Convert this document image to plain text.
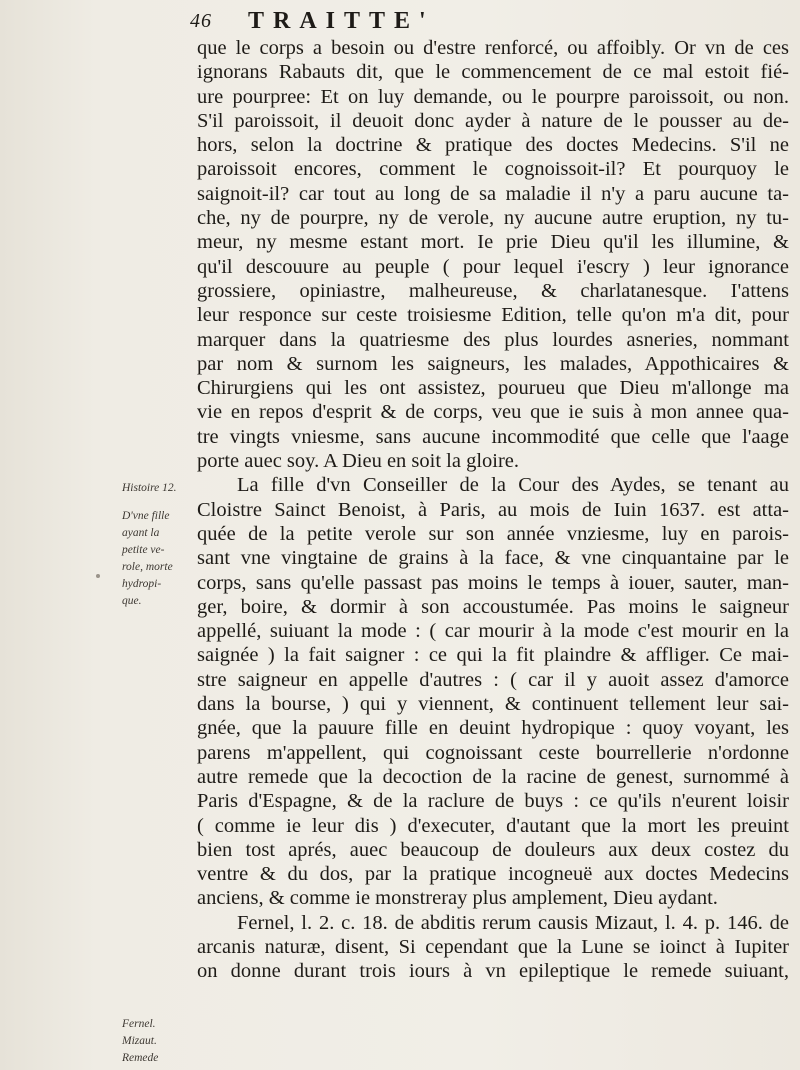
46 TRAITTE'
Histoire 12.
D'vne fille
ayant la
petite ve-
role, morte
hydropi-
que.
Fernel.
Mizaut.
Remede
que le corps a besoin ou d'estre renforcé, ou affoibly. Or vn de ces
ignorans Rabauts dit, que le commencement de ce mal estoit fié-
ure pourpree: Et on luy demande, ou le pourpre paroissoit, ou non.
S'il paroissoit, il deuoit donc ayder à nature de le pousser au de-
hors, selon la doctrine & pratique des doctes Medecins. S'il ne
paroissoit encores, comment le cognoissoit-il? Et pourquoy le
saignoit-il? car tout au long de sa maladie il n'y a paru aucune ta-
che, ny de pourpre, ny de verole, ny aucune autre eruption, ny tu-
meur, ny mesme estant mort. Ie prie Dieu qu'il les illumine, &
qu'il descouure au peuple ( pour lequel i'escry ) leur ignorance
grossiere, opiniastre, malheureuse, & charlatanesque. I'attens
leur responce sur ceste troisiesme Edition, telle qu'on m'a dit, pour
marquer dans la quatriesme des plus lourdes asneries, nommant
par nom & surnom les saigneurs, les malades, Appothicaires &
Chirurgiens qui les ont assistez, pourueu que Dieu m'allonge ma
vie en repos d'esprit & de corps, veu que ie suis à mon annee qua-
tre vingts vniesme, sans aucune incommodité que celle que l'aage
porte auec soy. A Dieu en soit la gloire.
La fille d'vn Conseiller de la Cour des Aydes, se tenant au
Cloistre Sainct Benoist, à Paris, au mois de Iuin 1637. est atta-
quée de la petite verole sur son année vnziesme, luy en parois-
sant vne vingtaine de grains à la face, & vne cinquantaine par le
corps, sans qu'elle passast pas moins le temps à iouer, sauter, man-
ger, boire, & dormir à son accoustumée. Pas moins le saigneur
appellé, suiuant la mode : ( car mourir à la mode c'est mourir en la
saignée ) la fait saigner : ce qui la fit plaindre & affliger. Ce mai-
stre saigneur en appelle d'autres : ( car il y auoit assez d'amorce
dans la bourse, ) qui y viennent, & continuent tellement leur sai-
gnée, que la pauure fille en deuint hydropique : quoy voyant, les
parens m'appellent, qui cognoissant ceste bourrellerie n'ordonne
autre remede que la decoction de la racine de genest, surnommé à
Paris d'Espagne, & de la raclure de buys : ce qu'ils n'eurent loisir
( comme ie leur dis ) d'executer, d'autant que la mort les preuint
bien tost aprés, auec beaucoup de douleurs aux deux costez du
ventre & du dos, par la pratique incogneuë aux doctes Medecins
anciens, & comme ie monstreray plus amplement, Dieu aydant.
Fernel, l. 2. c. 18. de abditis rerum causis Mizaut, l. 4. p. 146. de
arcanis naturæ, disent, Si cependant que la Lune se ioinct à Iupiter
on donne durant trois iours à vn epileptique le remede suiuant,
